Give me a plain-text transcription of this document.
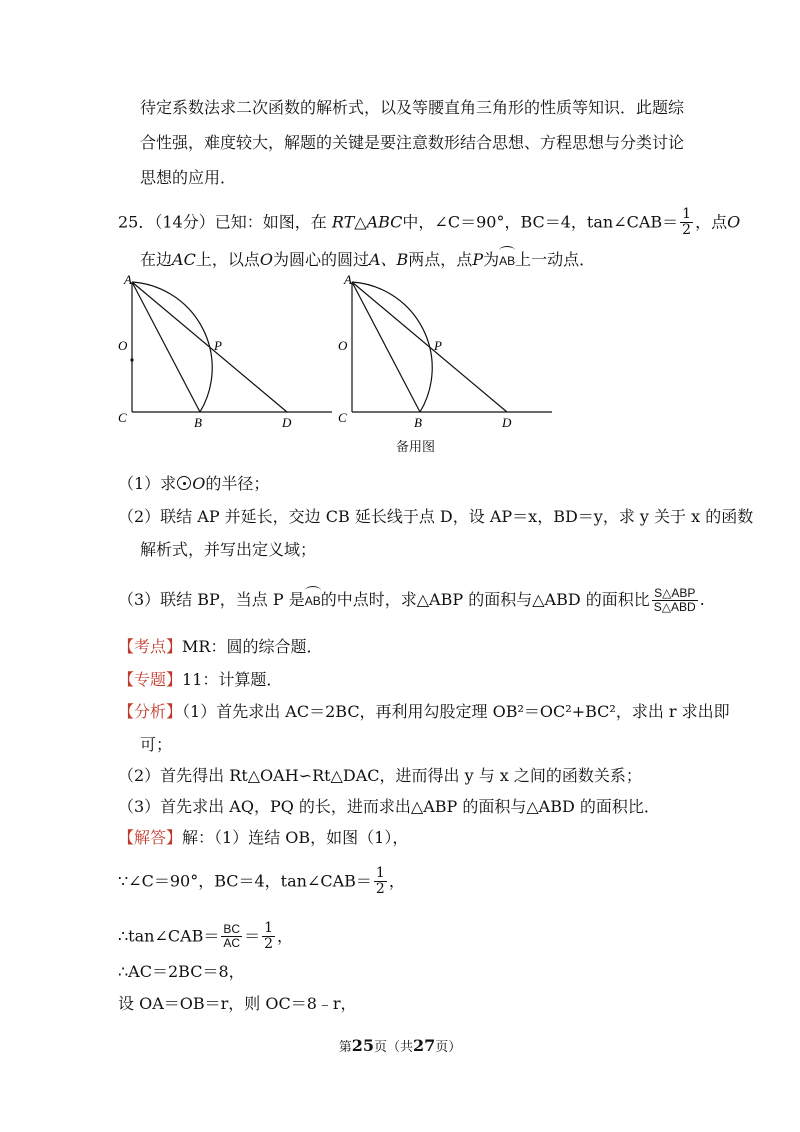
待定系数法求二次函数的解析式，以及等腰直角三角形的性质等知识．此题综
合性强，难度较大，解题的关键是要注意数形结合思想、方程思想与分类讨论
思想的应用．
25．（14分）已知：如图，在 RT△ABC中，∠C＝90°，BC＝4，tan∠CAB＝ $\frac{1}{2}$ ，点O
在边AC上，以点O为圆心的圆过A、B两点，点P为AB上一动点．
A
O
C	B
P
D
A
O
C	B
P
D
备用图
（1）求 O的半径；
（2）联结 AP 并延长，交边 CB 延长线于点 D，设 AP＝x，BD＝y，求 y 关于 x 的函数
解析式，并写出定义域；
（3）联结 BP，当点 P 是AB的中点时，求△ABP 的面积与△ABD 的面积比 $\frac{\text{S△ABP}}{\text{S△ABD}}$ .
【考点】MR：圆的综合题．
【专题】11：计算题．
【分析】（1）首先求出 AC＝2BC，再利用勾股定理 OB²＝OC²+BC²，求出 r 求出即
可；
（2）首先得出 Rt△OAH∽Rt△DAC，进而得出 y 与 x 之间的函数关系；
（3）首先求出 AQ，PQ 的长，进而求出△ABP 的面积与△ABD 的面积比．
【解答】解：（1）连结 OB，如图（1），
∵∠C＝90°，BC＝4，tan∠CAB＝ $\frac{1}{2}$ ，
∴tan∠CAB＝ $\frac{BC}{AC} = \frac{1}{2}$ ，
∴AC＝2BC＝8，
设 OA＝OB＝r，则 OC＝8﹣r，
第25页（共27页）
